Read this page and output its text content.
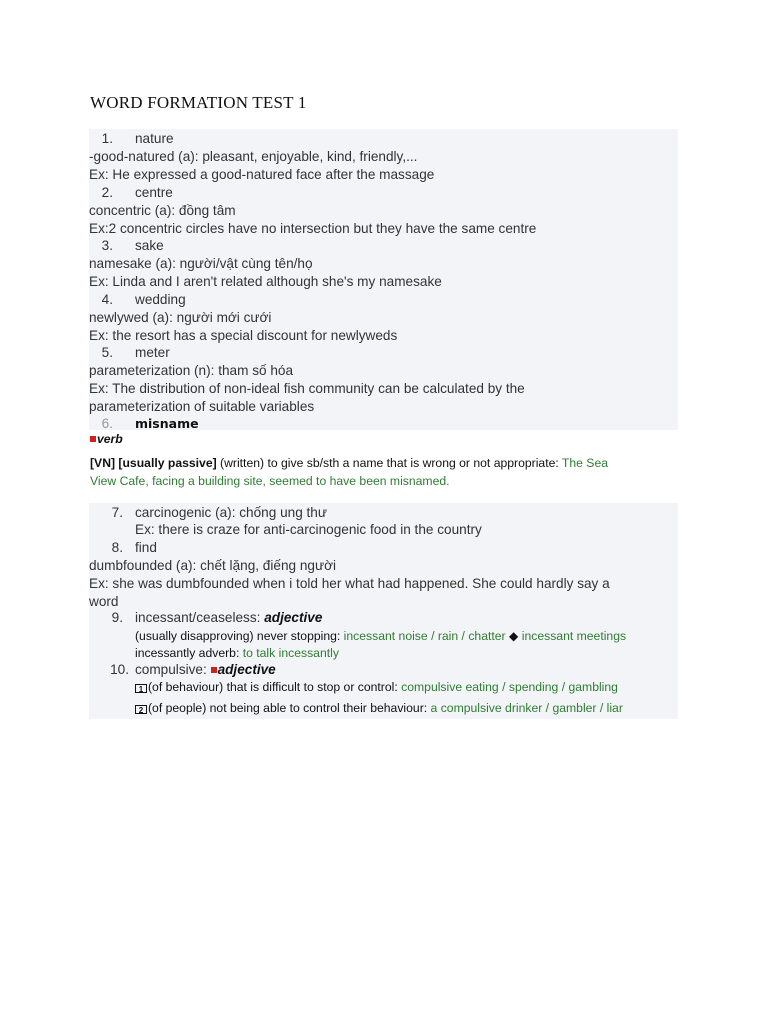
WORD FORMATION TEST 1
1. nature
-good-natured (a): pleasant, enjoyable, kind, friendly,...
Ex: He expressed a good-natured face after the massage
2. centre
concentric (a): đồng tâm
Ex:2 concentric circles have no intersection but they have the same centre
3. sake
namesake (a): người/vật cùng tên/họ
Ex: Linda and I aren't related although she's my namesake
4. wedding
newlywed (a): người mới cưới
Ex: the resort has a special discount for newlyweds
5. meter
parameterization (n): tham số hóa
Ex: The distribution of non-ideal fish community can be calculated by the
parameterization of suitable variables
6. misname
verb
[VN] [usually passive] (written) to give sb/sth a name that is wrong or not appropriate: The Sea
View Cafe, facing a building site, seemed to have been misnamed.
7. carcinogenic (a): chống ung thư
Ex: there is craze for anti-carcinogenic food in the country
8. find
dumbfounded (a): chết lặng, điếng người
Ex: she was dumbfounded when i told her what had happened. She could hardly say a
word
9. incessant/ceaseless: adjective
(usually disapproving) never stopping: incessant noise / rain / chatter ◆ incessant meetings
incessantly adverb: to talk incessantly
10. compulsive: adjective
1 (of behaviour) that is difficult to stop or control: compulsive eating / spending / gambling
2 (of people) not being able to control their behaviour: a compulsive drinker / gambler / liar
